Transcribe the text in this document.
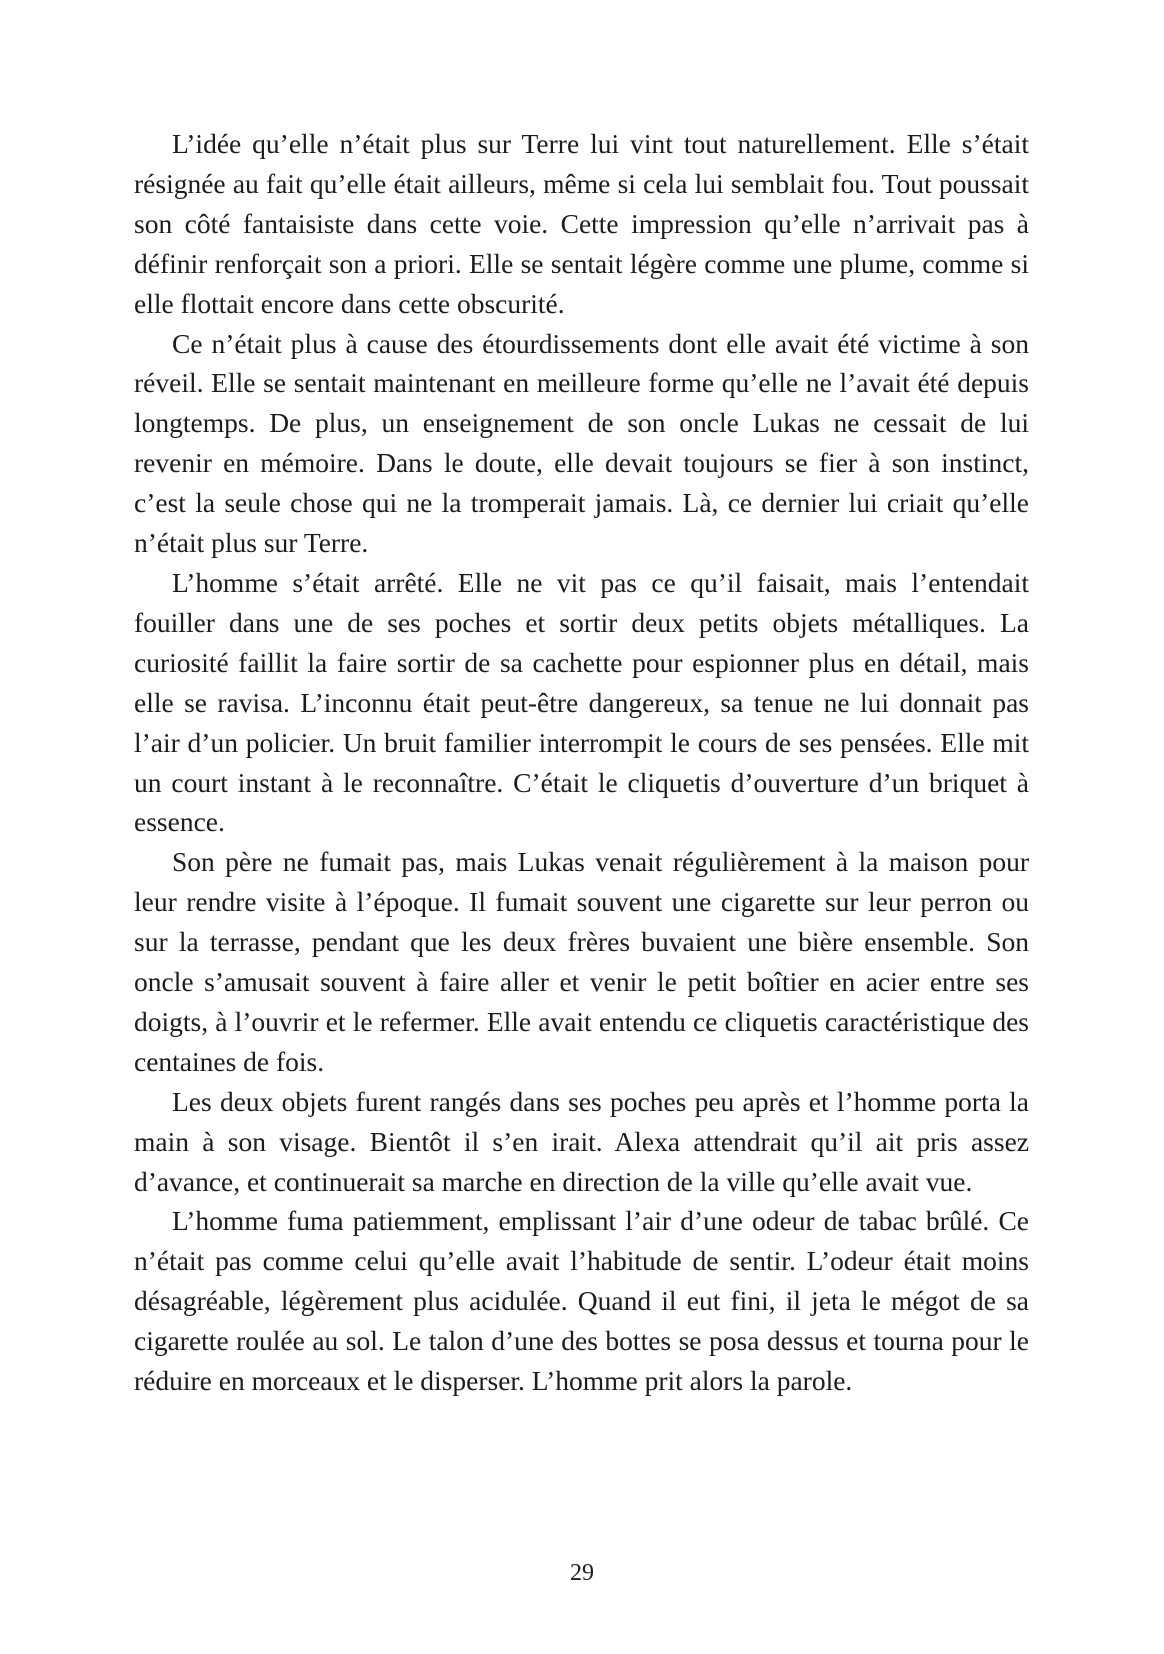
L’idée qu’elle n’était plus sur Terre lui vint tout naturellement. Elle s’était résignée au fait qu’elle était ailleurs, même si cela lui semblait fou. Tout poussait son côté fantaisiste dans cette voie. Cette impression qu’elle n’arrivait pas à définir renforçait son a priori. Elle se sentait légère comme une plume, comme si elle flottait encore dans cette obscurité.

Ce n’était plus à cause des étourdissements dont elle avait été victime à son réveil. Elle se sentait maintenant en meilleure forme qu’elle ne l’avait été depuis longtemps. De plus, un enseignement de son oncle Lukas ne cessait de lui revenir en mémoire. Dans le doute, elle devait toujours se fier à son instinct, c’est la seule chose qui ne la tromperait jamais. Là, ce dernier lui criait qu’elle n’était plus sur Terre.

L’homme s’était arrêté. Elle ne vit pas ce qu’il faisait, mais l’entendait fouiller dans une de ses poches et sortir deux petits objets métalliques. La curiosité faillit la faire sortir de sa cachette pour espionner plus en détail, mais elle se ravisa. L’inconnu était peut-être dangereux, sa tenue ne lui donnait pas l’air d’un policier. Un bruit familier interrompit le cours de ses pensées. Elle mit un court instant à le reconnaître. C’était le cliquetis d’ouverture d’un briquet à essence.

Son père ne fumait pas, mais Lukas venait régulièrement à la maison pour leur rendre visite à l’époque. Il fumait souvent une cigarette sur leur perron ou sur la terrasse, pendant que les deux frères buvaient une bière ensemble. Son oncle s’amusait souvent à faire aller et venir le petit boîtier en acier entre ses doigts, à l’ouvrir et le refermer. Elle avait entendu ce cliquetis caractéristique des centaines de fois.

Les deux objets furent rangés dans ses poches peu après et l’homme porta la main à son visage. Bientôt il s’en irait. Alexa attendrait qu’il ait pris assez d’avance, et continuerait sa marche en direction de la ville qu’elle avait vue.

L’homme fuma patiemment, emplissant l’air d’une odeur de tabac brûlé. Ce n’était pas comme celui qu’elle avait l’habitude de sentir. L’odeur était moins désagréable, légèrement plus acidulée. Quand il eut fini, il jeta le mégot de sa cigarette roulée au sol. Le talon d’une des bottes se posa dessus et tourna pour le réduire en morceaux et le disperser. L’homme prit alors la parole.

29
